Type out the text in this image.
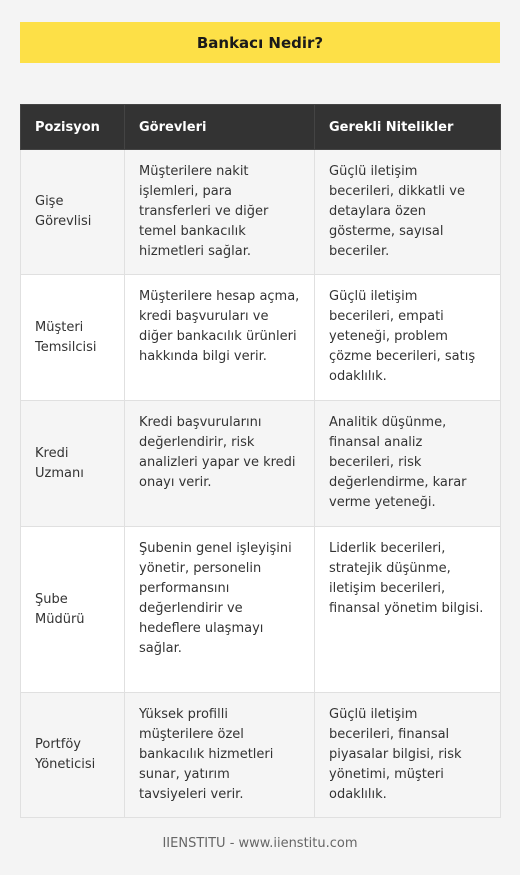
Bankacı Nedir?
Pozisyon	Görevleri	Gerekli Nitelikler
Gişe Görevlisi	Müşterilere nakit işlemleri, para transferleri ve diğer temel bankacılık hizmetleri sağlar.	Güçlü iletişim becerileri, dikkatli ve detaylara özen gösterme, sayısal beceriler.
Müşteri Temsilcisi	Müşterilere hesap açma, kredi başvuruları ve diğer bankacılık ürünleri hakkında bilgi verir.	Güçlü iletişim becerileri, empati yeteneği, problem çözme becerileri, satış odaklılık.
Kredi Uzmanı	Kredi başvurularını değerlendirir, risk analizleri yapar ve kredi onayı verir.	Analitik düşünme, finansal analiz becerileri, risk değerlendirme, karar verme yeteneği.
Şube Müdürü	Şubenin genel işleyişini yönetir, personelin performansını değerlendirir ve hedeflere ulaşmayı sağlar.	Liderlik becerileri, stratejik düşünme, iletişim becerileri, finansal yönetim bilgisi.
Portföy Yöneticisi	Yüksek profilli müşterilere özel bankacılık hizmetleri sunar, yatırım tavsiyeleri verir.	Güçlü iletişim becerileri, finansal piyasalar bilgisi, risk yönetimi, müşteri odaklılık.
IIENSTITU - www.iienstitu.com
